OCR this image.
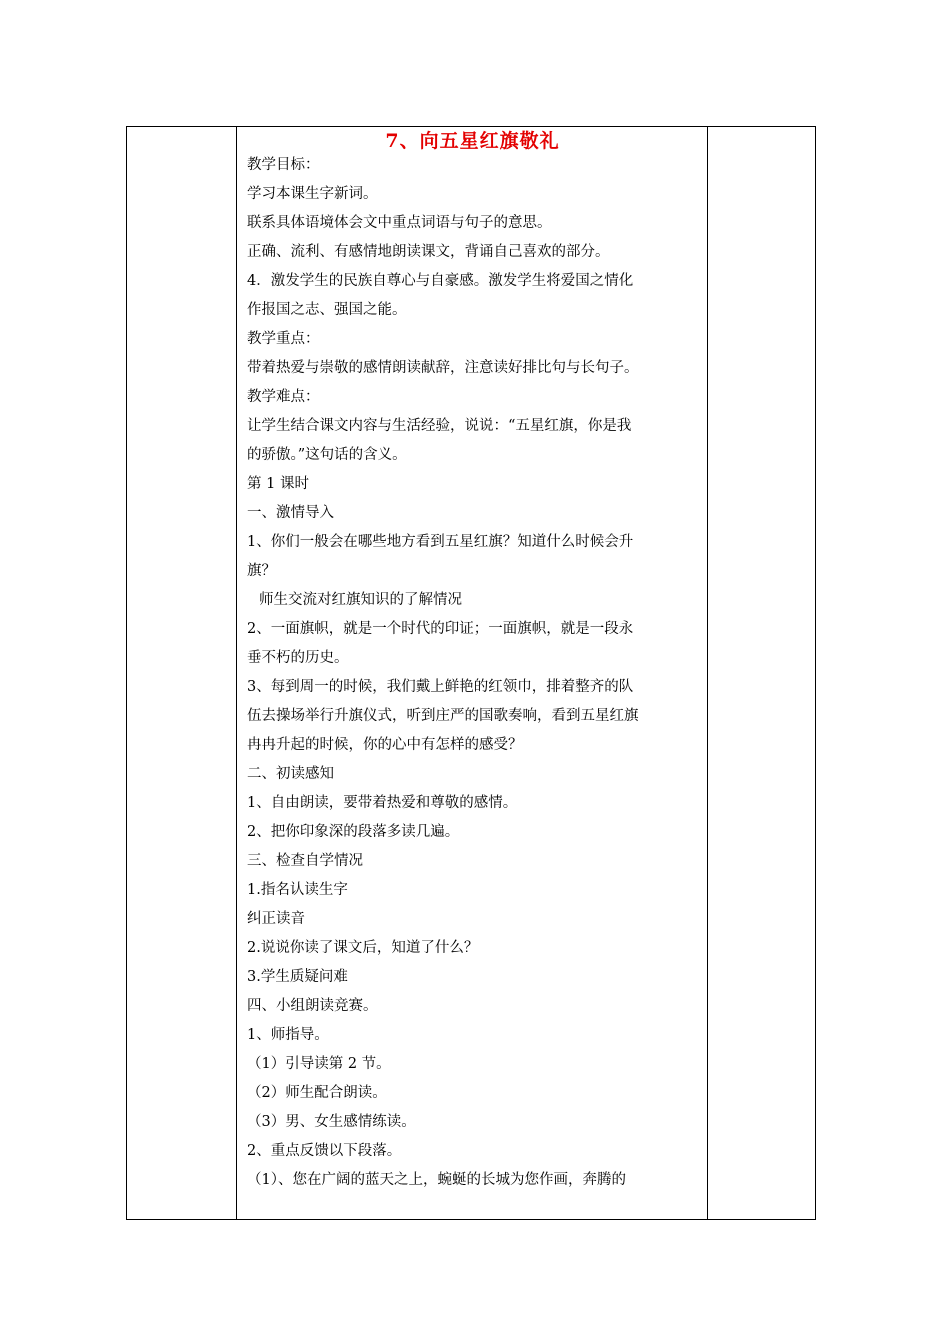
7、向五星红旗敬礼
教学目标：
学习本课生字新词。
联系具体语境体会文中重点词语与句子的意思。
正确、流利、有感情地朗读课文，背诵自己喜欢的部分。
4．激发学生的民族自尊心与自豪感。激发学生将爱国之情化
作报国之志、强国之能。
教学重点：
带着热爱与崇敬的感情朗读献辞，注意读好排比句与长句子。
教学难点：
让学生结合课文内容与生活经验，说说：“五星红旗，你是我
的骄傲。”这句话的含义。
第 1 课时
一、激情导入
1、你们一般会在哪些地方看到五星红旗？知道什么时候会升
旗？
师生交流对红旗知识的了解情况
2、一面旗帜，就是一个时代的印证；一面旗帜，就是一段永
垂不朽的历史。
3、每到周一的时候，我们戴上鲜艳的红领巾，排着整齐的队
伍去操场举行升旗仪式，听到庄严的国歌奏响，看到五星红旗
冉冉升起的时候，你的心中有怎样的感受？
二、初读感知
1、自由朗读，要带着热爱和尊敬的感情。
2、把你印象深的段落多读几遍。
三、检查自学情况
1.指名认读生字
纠正读音
2.说说你读了课文后，知道了什么？
3.学生质疑问难
四、小组朗读竞赛。
1、师指导。
（1）引导读第 2 节。
（2）师生配合朗读。
（3）男、女生感情练读。
2、重点反馈以下段落。
（1）、您在广阔的蓝天之上，蜿蜒的长城为您作画，奔腾的
